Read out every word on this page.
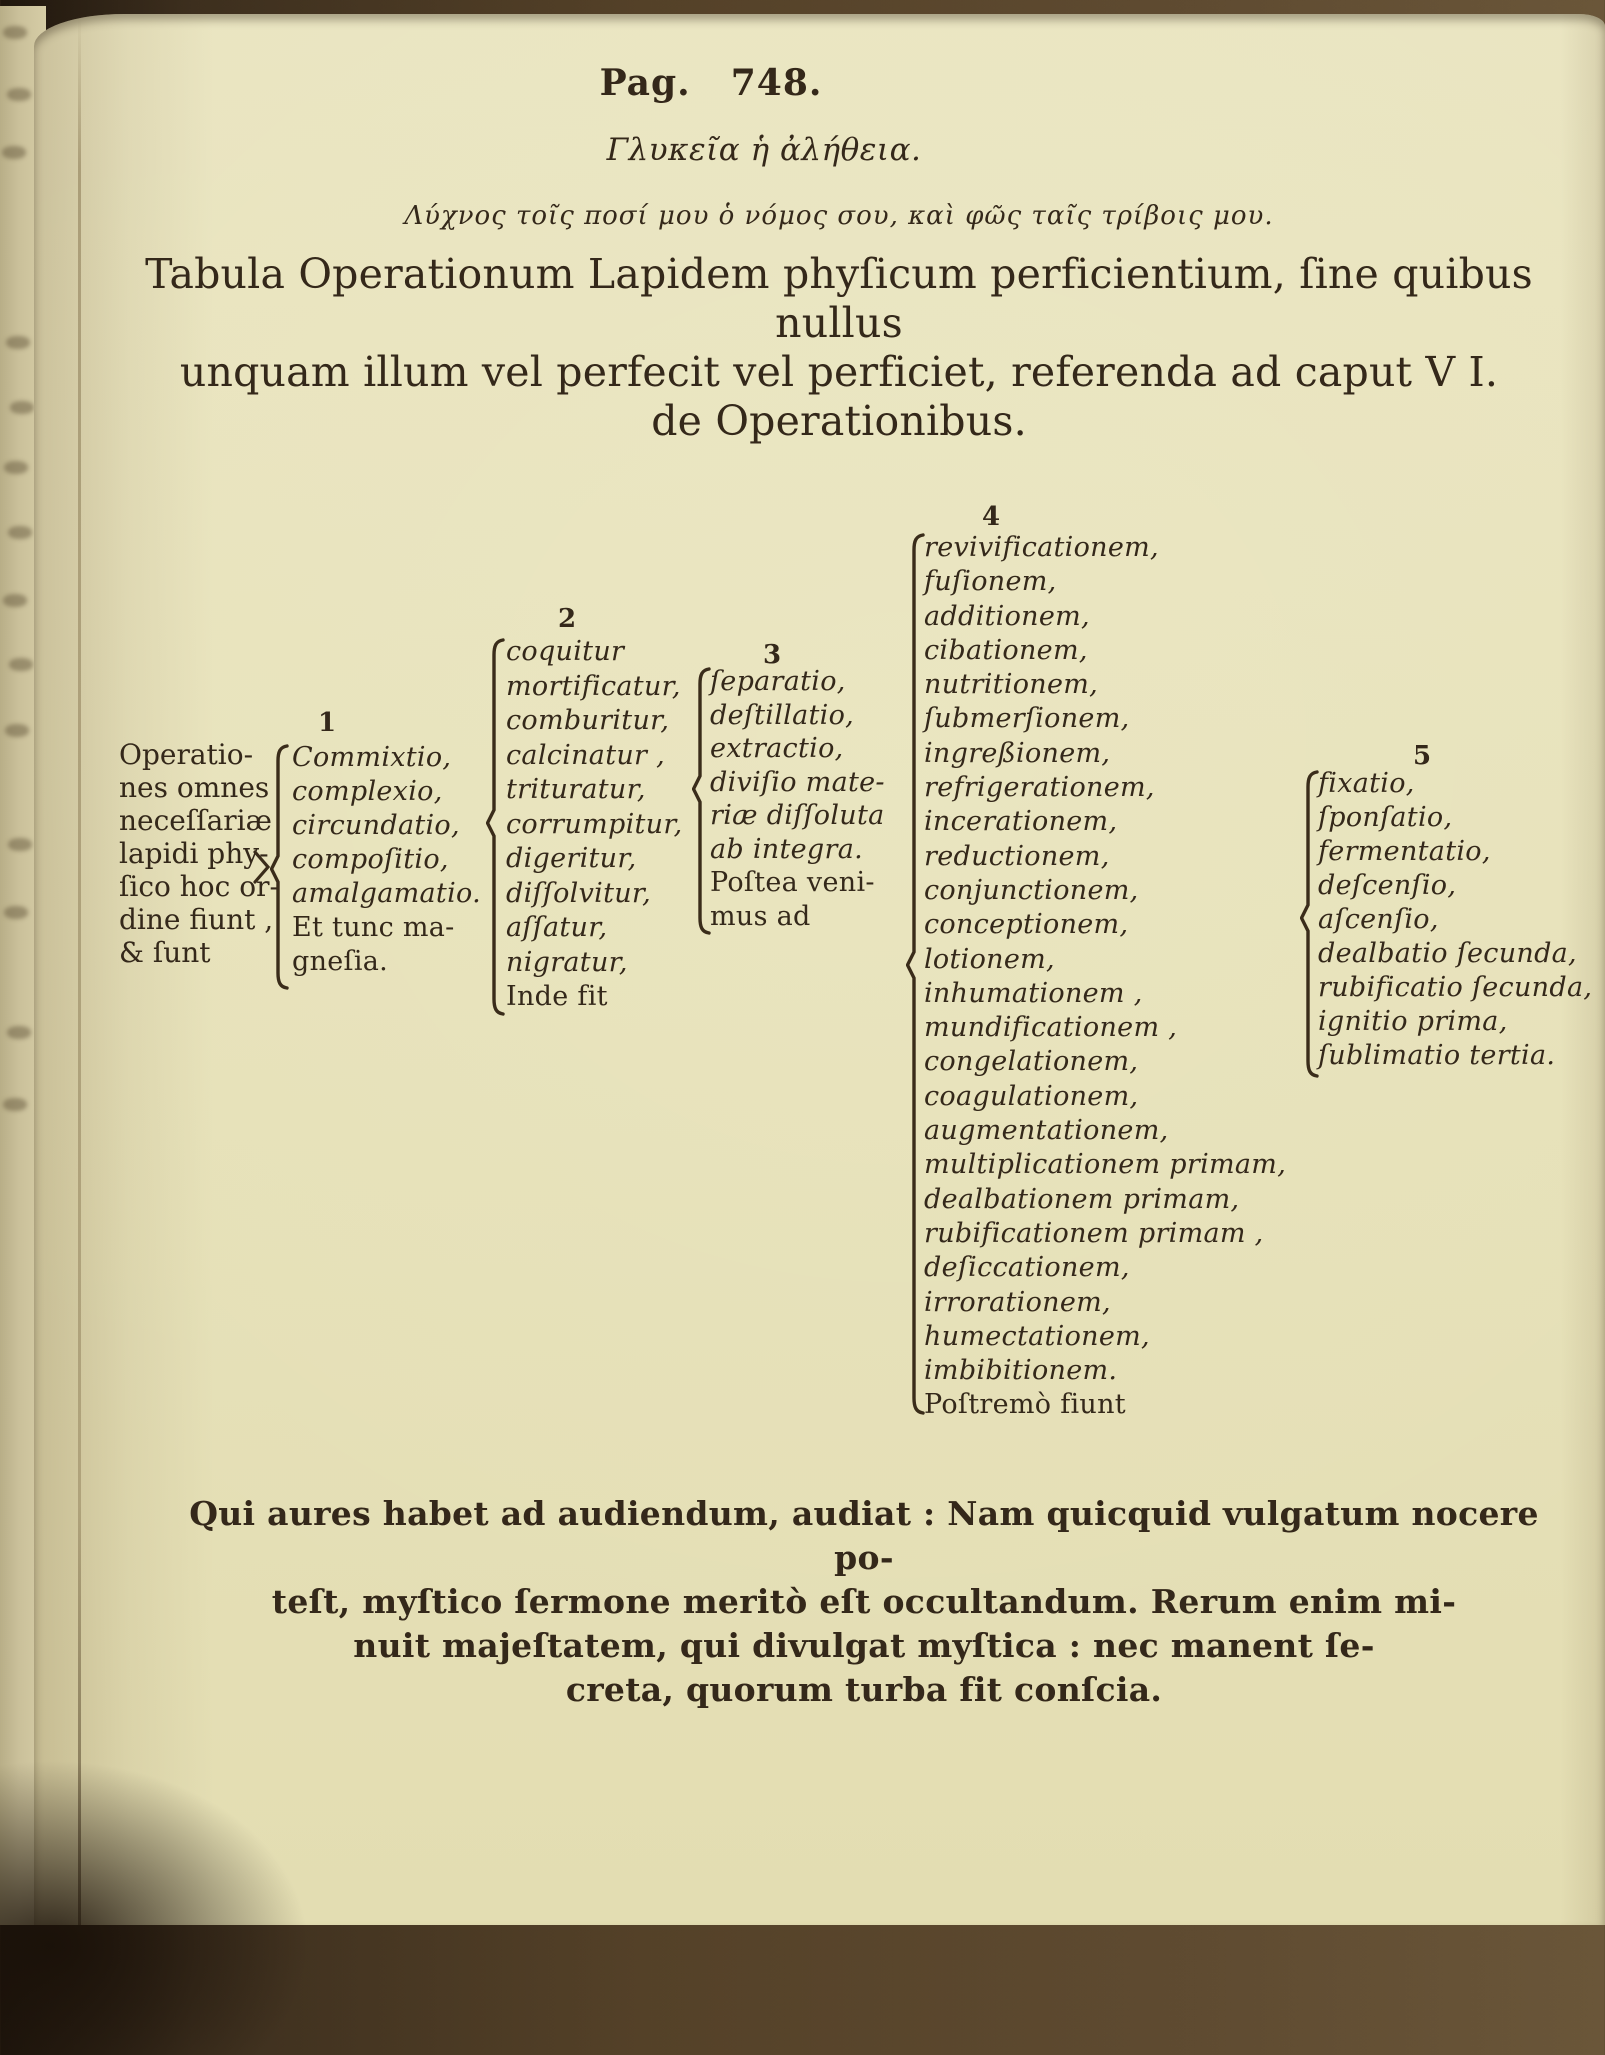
Pag. 748.
Γλυκεῖα ἡ ἀλήθεια.
Λύχνος τοῖς ποσί μου ὁ νόμος σου, καὶ φῶς ταῖς τρίβοις μου.
Tabula Operationum Lapidem phyſicum perficientium, ſine quibus nullus
unquam illum vel perfecit vel perficiet, referenda ad caput V I.
de Operationibus.
Operatio-
nes omnes
neceſſariæ
lapidi phy-
ſico hoc or-
dine fiunt ,
& ſunt
1
Commixtio,
complexio,
circundatio,
compoſitio,
amalgamatio.
Et tunc ma-
gneſia.
2
coquitur
mortificatur,
comburitur,
calcinatur ,
trituratur,
corrumpitur,
digeritur,
diſſolvitur,
aſſatur,
nigratur,
Inde fit
3
ſeparatio,
deſtillatio,
extractio,
diviſio mate-
riæ diſſoluta
ab integra.
Poſtea veni-
mus ad
4
revivificationem,
fuſionem,
additionem,
cibationem,
nutritionem,
ſubmerſionem,
ingreßionem,
refrigerationem,
incerationem,
reductionem,
conjunctionem,
conceptionem,
lotionem,
inhumationem ,
mundificationem ,
congelationem,
coagulationem,
augmentationem,
multiplicationem primam,
dealbationem primam,
rubificationem primam ,
deſiccationem,
irrorationem,
humectationem,
imbibitionem.
Poſtremò fiunt
5
fixatio,
ſponſatio,
fermentatio,
deſcenſio,
aſcenſio,
dealbatio ſecunda,
rubificatio ſecunda,
ignitio prima,
ſublimatio tertia.
Qui aures habet ad audiendum, audiat : Nam quicquid vulgatum nocere po-
teſt, myſtico ſermone meritò eſt occultandum. Rerum enim mi-
nuit majeſtatem, qui divulgat myſtica : nec manent ſe-
creta, quorum turba fit conſcia.
